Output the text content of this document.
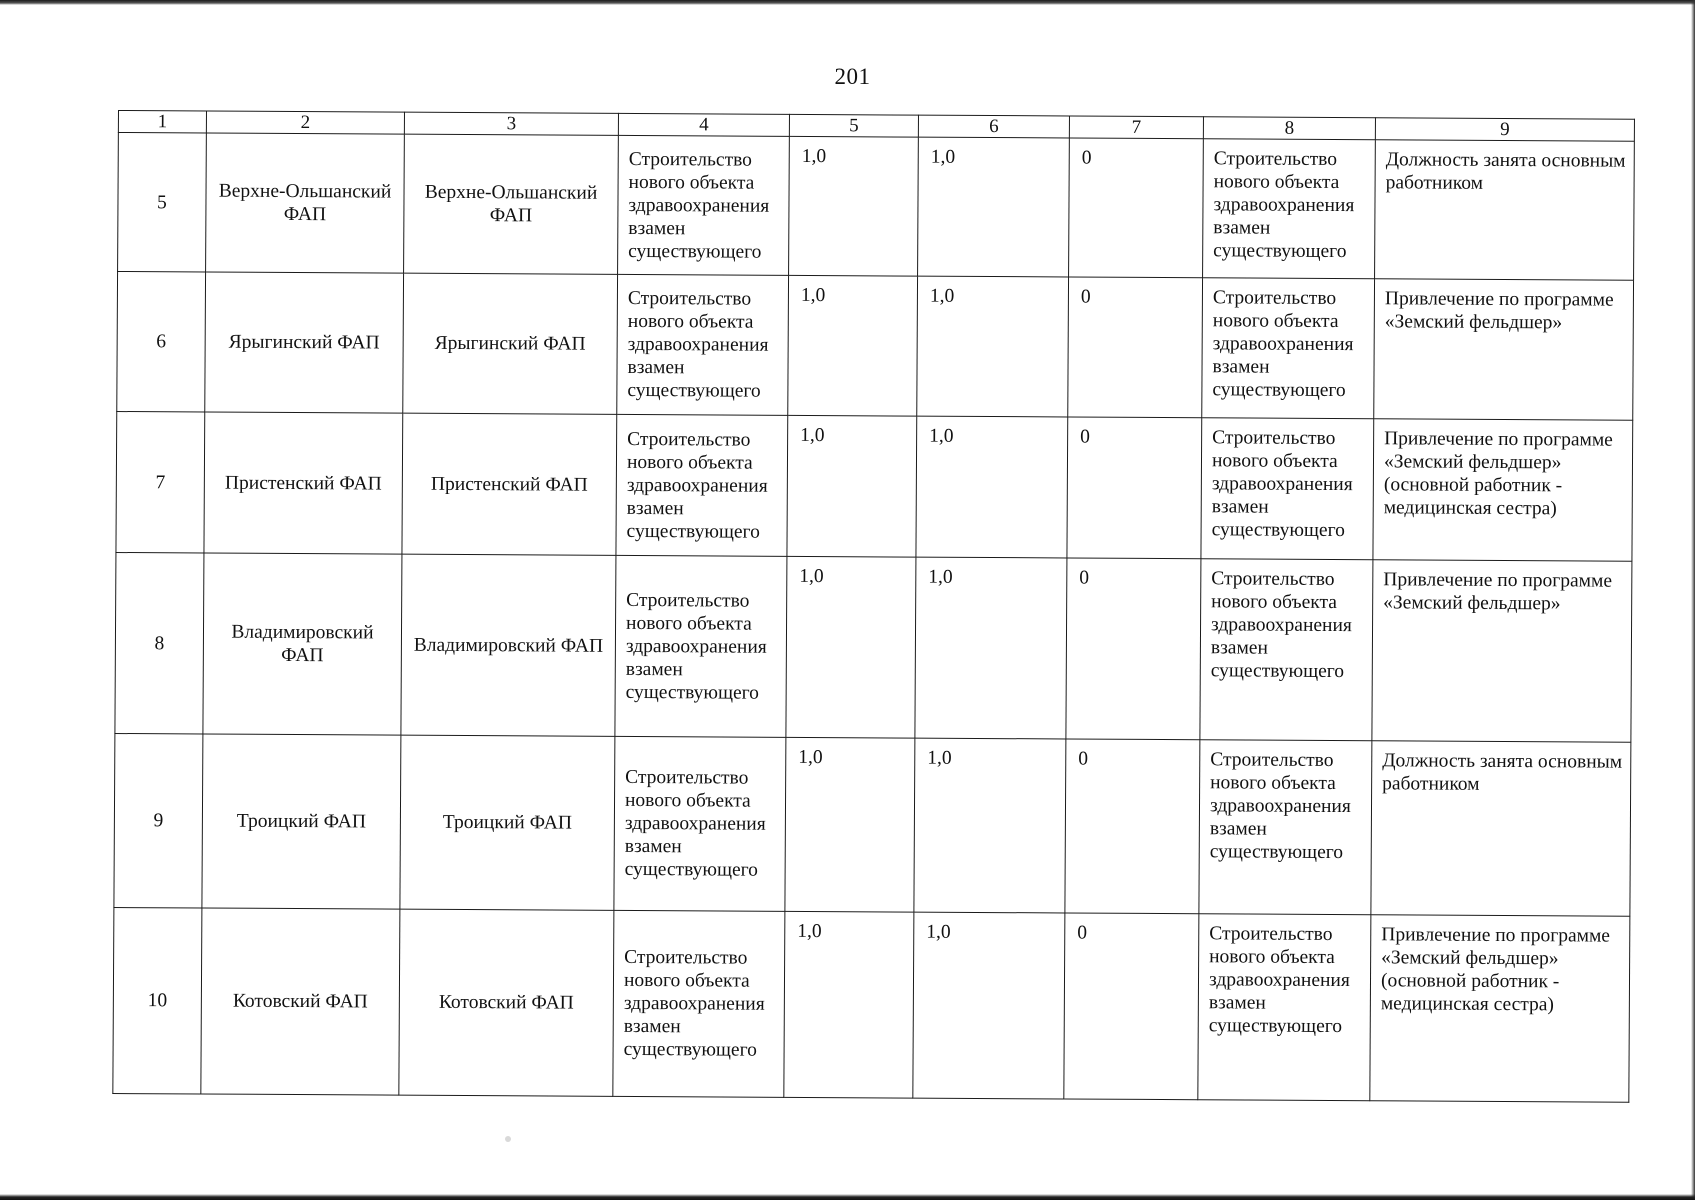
201
1	2	3	4	5	6	7	8	9
5	Верхне-Ольшанский ФАП	Верхне-Ольшанский ФАП	Строительство нового объекта здравоохранения взамен существующего	1,0	1,0	0	Строительство нового объекта здравоохранения взамен существующего	Должность занята основным работником
6	Ярыгинский ФАП	Ярыгинский ФАП	Строительство нового объекта здравоохранения взамен существующего	1,0	1,0	0	Строительство нового объекта здравоохранения взамен существующего	Привлечение по программе «Земский фельдшер»
7	Пристенский ФАП	Пристенский ФАП	Строительство нового объекта здравоохранения взамен существующего	1,0	1,0	0	Строительство нового объекта здравоохранения взамен существующего	Привлечение по программе «Земский фельдшер» (основной работник - медицинская сестра)
8	Владимировский ФАП	Владимировский ФАП	Строительство нового объекта здравоохранения взамен существующего	1,0	1,0	0	Строительство нового объекта здравоохранения взамен существующего	Привлечение по программе «Земский фельдшер»
9	Троицкий ФАП	Троицкий ФАП	Строительство нового объекта здравоохранения взамен существующего	1,0	1,0	0	Строительство нового объекта здравоохранения взамен существующего	Должность занята основным работником
10	Котовский ФАП	Котовский ФАП	Строительство нового объекта здравоохранения взамен существующего	1,0	1,0	0	Строительство нового объекта здравоохранения взамен существующего	Привлечение по программе «Земский фельдшер» (основной работник - медицинская сестра)
